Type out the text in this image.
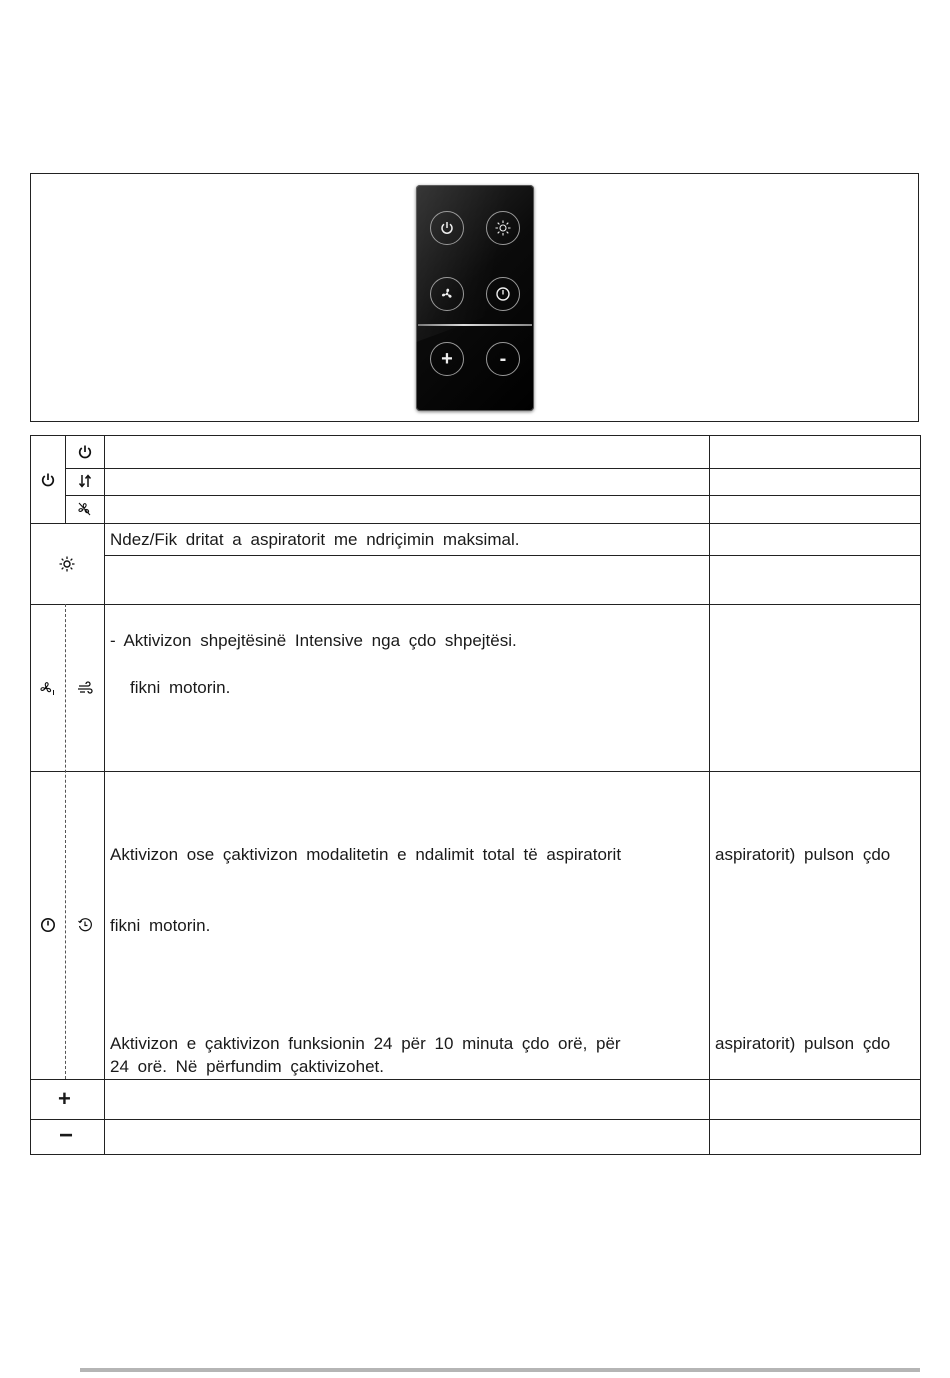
+ -
Ndez/Fik dritat a aspiratorit me ndriçimin maksimal.
- Aktivizon shpejtësinë Intensive nga çdo shpejtësi.
fikni motorin.
Aktivizon ose çaktivizon modalitetin e ndalimit total të aspiratorit	aspiratorit) pulson çdo
fikni motorin.
Aktivizon e çaktivizon funksionin 24 për 10 minuta çdo orë, për
24 orë. Në përfundim çaktivizohet.
aspiratorit) pulson çdo
+
−
